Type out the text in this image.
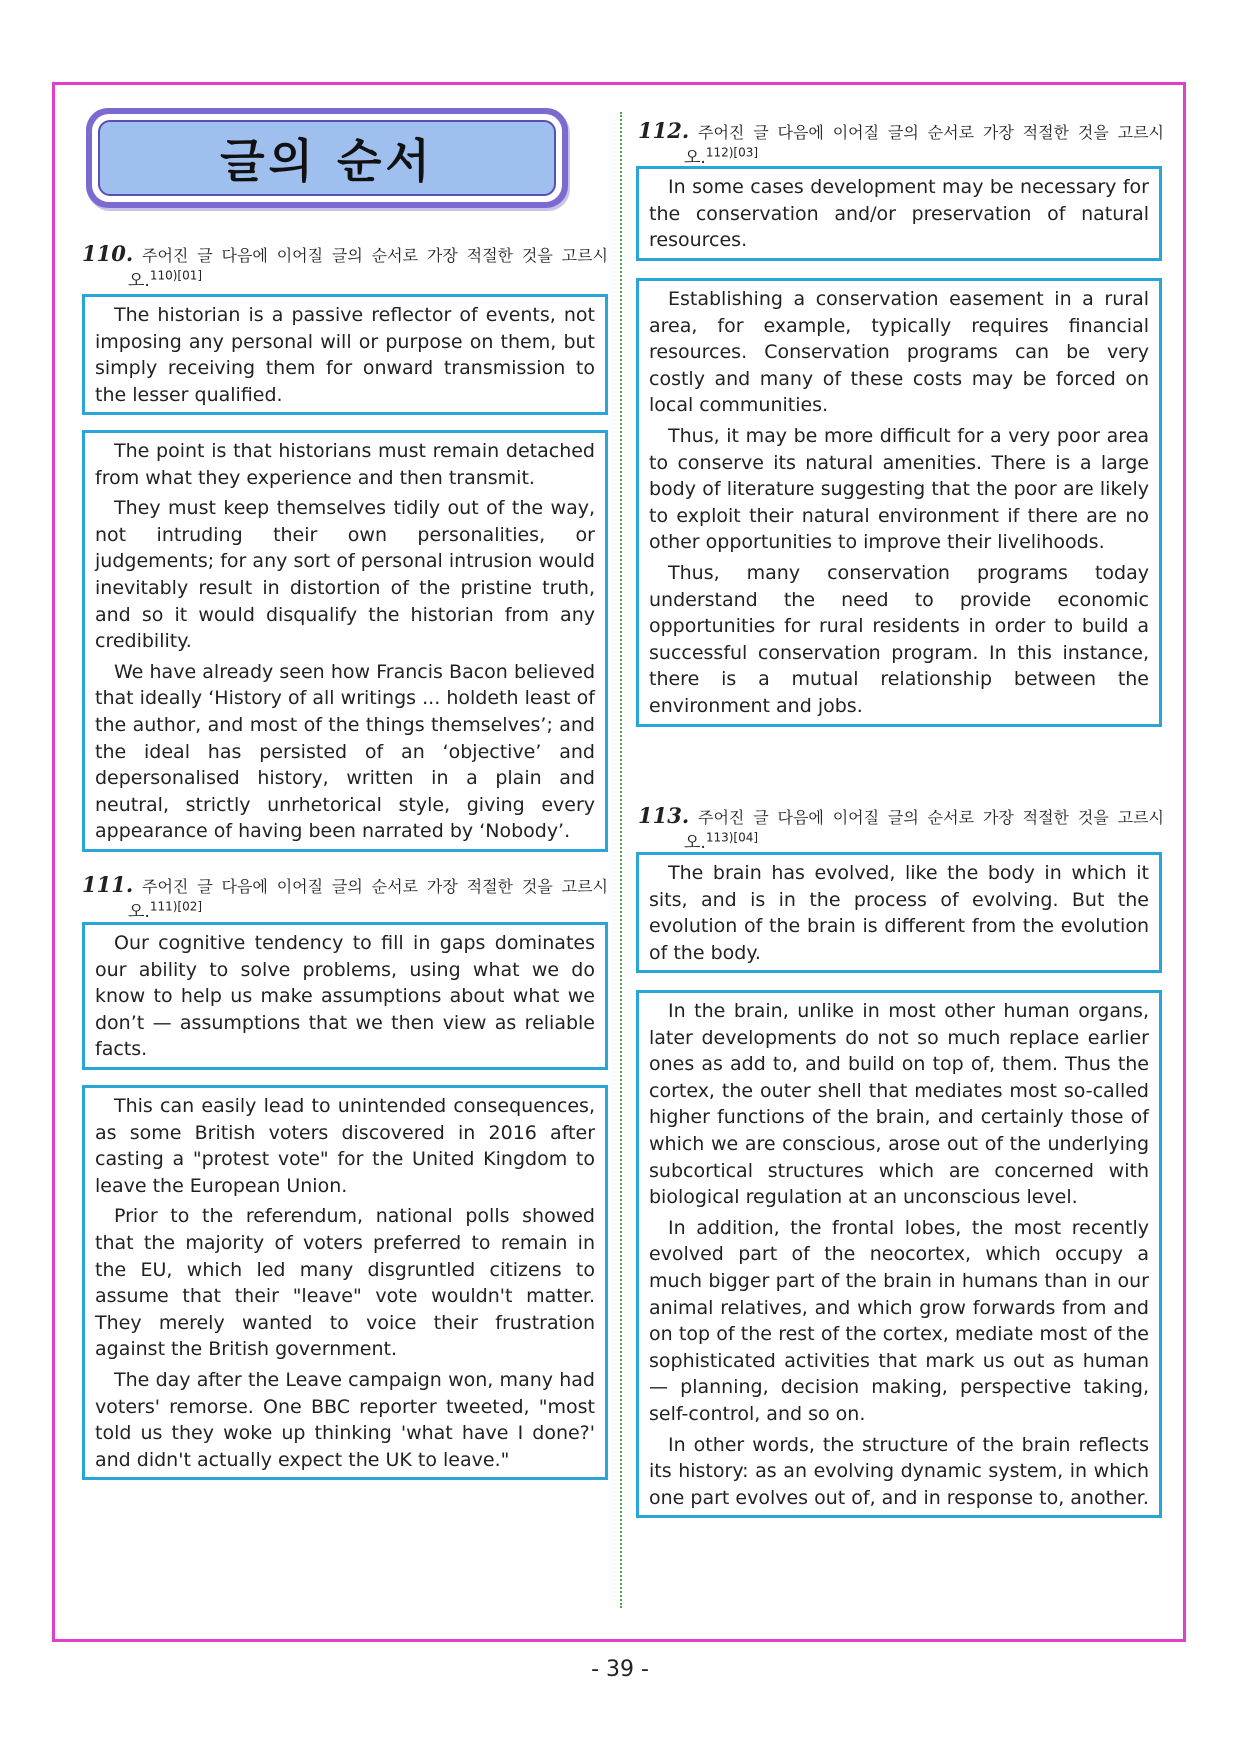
글의 순서
110. 주어진 글 다음에 이어질 글의 순서로 가장 적절한 것을 고르시
오.$^{110)[01]}$

The historian is a passive reflector of events, not imposing any personal will or purpose on them, but simply receiving them for onward transmission to the lesser qualified.

The point is that historians must remain detached from what they experience and then transmit.

They must keep themselves tidily out of the way, not intruding their own personalities, or judgements; for any sort of personal intrusion would inevitably result in distortion of the pristine truth, and so it would disqualify the historian from any credibility.

We have already seen how Francis Bacon believed that ideally ‘History of all writings ... holdeth least of the author, and most of the things themselves’; and the ideal has persisted of an ‘objective’ and depersonalised history, written in a plain and neutral, strictly unrhetorical style, giving every appearance of having been narrated by ‘Nobody’.

111. 주어진 글 다음에 이어질 글의 순서로 가장 적절한 것을 고르시
오.$^{111)[02]}$

Our cognitive tendency to fill in gaps dominates our ability to solve problems, using what we do know to help us make assumptions about what we don’t — assumptions that we then view as reliable facts.

This can easily lead to unintended consequences, as some British voters discovered in 2016 after casting a "protest vote" for the United Kingdom to leave the European Union.

Prior to the referendum, national polls showed that the majority of voters preferred to remain in the EU, which led many disgruntled citizens to assume that their "leave" vote wouldn't matter. They merely wanted to voice their frustration against the British government.

The day after the Leave campaign won, many had voters' remorse. One BBC reporter tweeted, "most told us they woke up thinking 'what have I done?' and didn't actually expect the UK to leave."

112. 주어진 글 다음에 이어질 글의 순서로 가장 적절한 것을 고르시
오.$^{112)[03]}$

In some cases development may be necessary for the conservation and/or preservation of natural resources.

Establishing a conservation easement in a rural area, for example, typically requires financial resources. Conservation programs can be very costly and many of these costs may be forced on local communities.

Thus, it may be more difficult for a very poor area to conserve its natural amenities. There is a large body of literature suggesting that the poor are likely to exploit their natural environment if there are no other opportunities to improve their livelihoods.

Thus, many conservation programs today understand the need to provide economic opportunities for rural residents in order to build a successful conservation program. In this instance, there is a mutual relationship between the environment and jobs.

113. 주어진 글 다음에 이어질 글의 순서로 가장 적절한 것을 고르시
오.$^{113)[04]}$

The brain has evolved, like the body in which it sits, and is in the process of evolving. But the evolution of the brain is different from the evolution of the body.

In the brain, unlike in most other human organs, later developments do not so much replace earlier ones as add to, and build on top of, them. Thus the cortex, the outer shell that mediates most so-called higher functions of the brain, and certainly those of which we are conscious, arose out of the underlying subcortical structures which are concerned with biological regulation at an unconscious level.

In addition, the frontal lobes, the most recently evolved part of the neocortex, which occupy a much bigger part of the brain in humans than in our animal relatives, and which grow forwards from and on top of the rest of the cortex, mediate most of the sophisticated activities that mark us out as human — planning, decision making, perspective taking, self-control, and so on.

In other words, the structure of the brain reflects its history: as an evolving dynamic system, in which one part evolves out of, and in response to, another.

- 39 -
